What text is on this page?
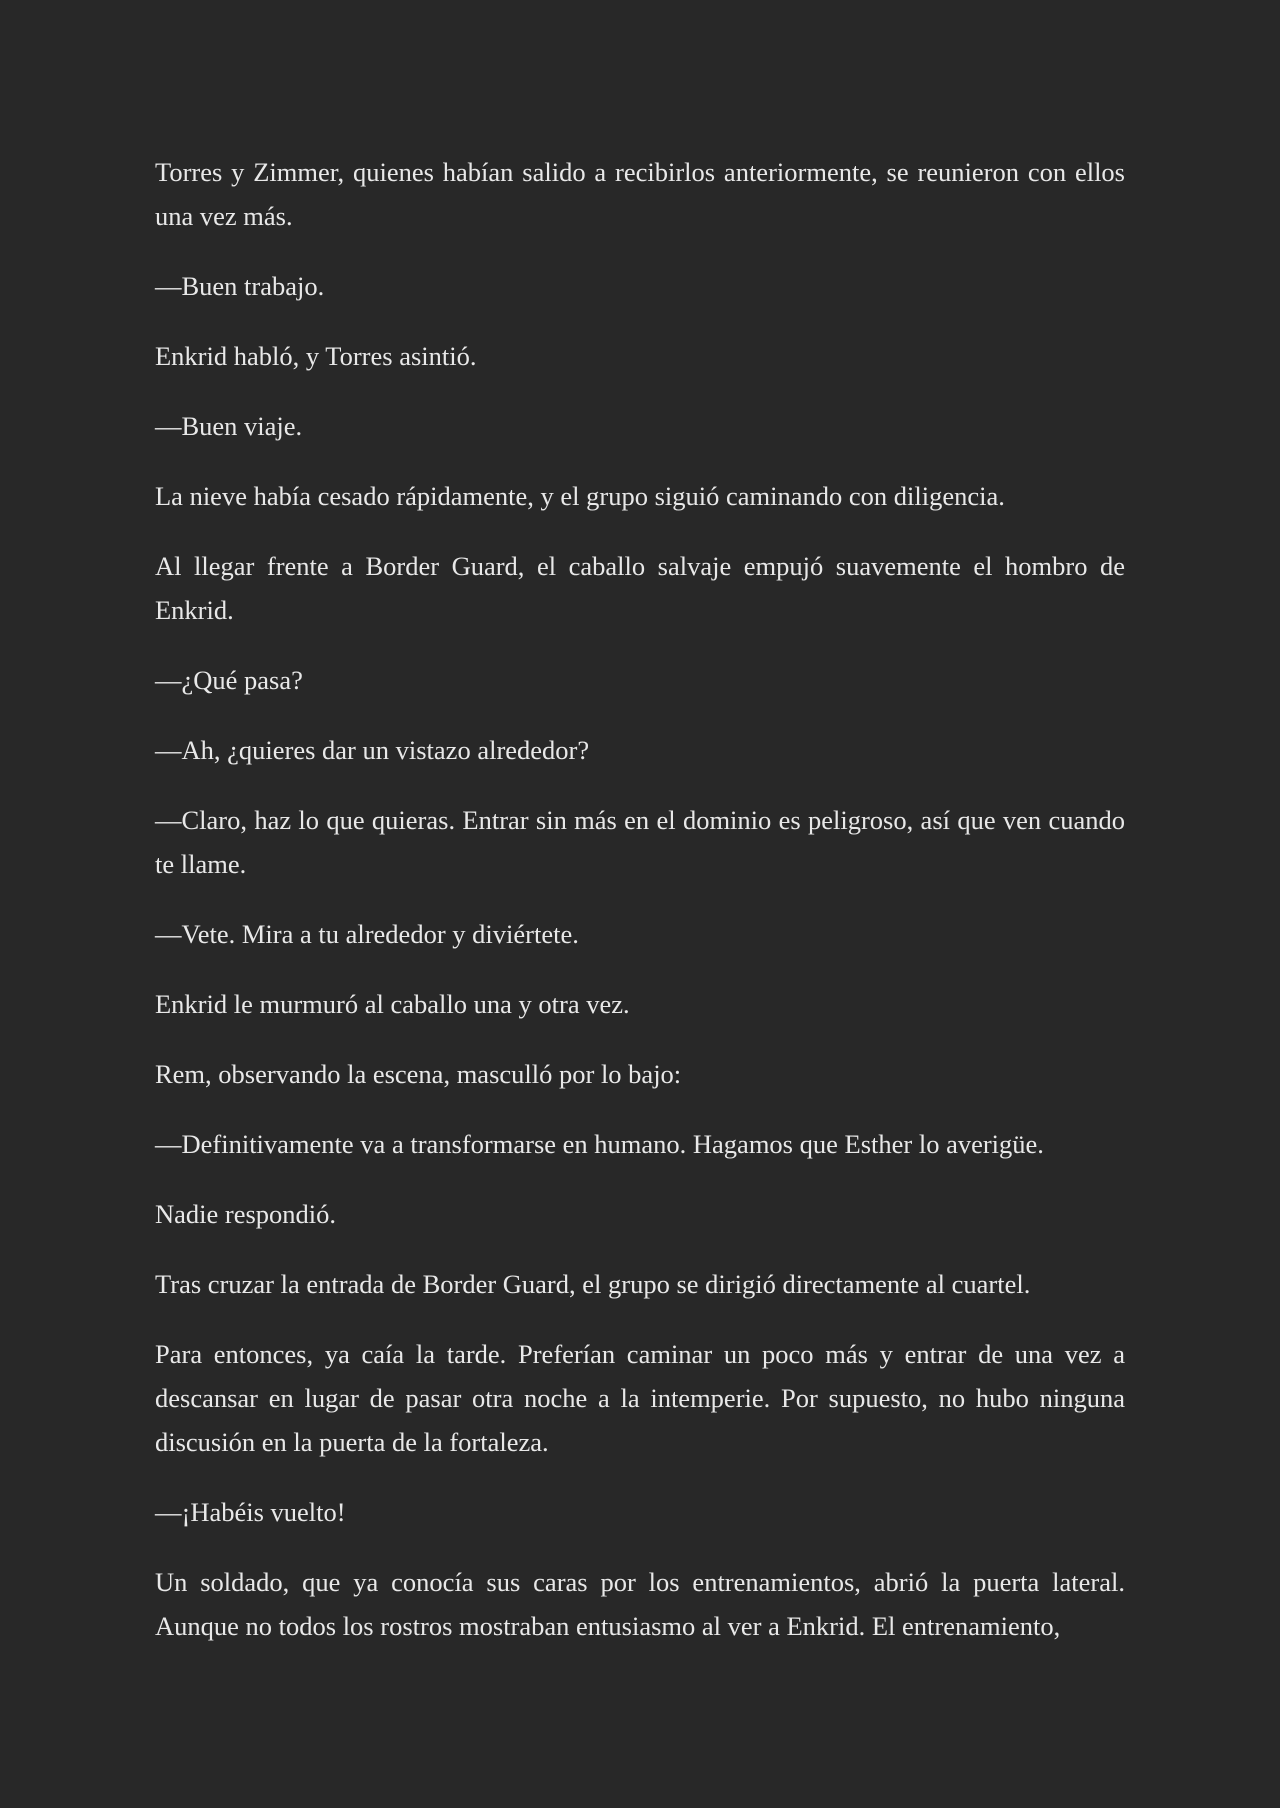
Torres y Zimmer, quienes habían salido a recibirlos anteriormente, se reunieron con ellos una vez más.

—Buen trabajo.

Enkrid habló, y Torres asintió.

—Buen viaje.

La nieve había cesado rápidamente, y el grupo siguió caminando con diligencia.

Al llegar frente a Border Guard, el caballo salvaje empujó suavemente el hombro de Enkrid.

—¿Qué pasa?

—Ah, ¿quieres dar un vistazo alrededor?

—Claro, haz lo que quieras. Entrar sin más en el dominio es peligroso, así que ven cuando te llame.

—Vete. Mira a tu alrededor y diviértete.

Enkrid le murmuró al caballo una y otra vez.

Rem, observando la escena, masculló por lo bajo:

—Definitivamente va a transformarse en humano. Hagamos que Esther lo averigüe.

Nadie respondió.

Tras cruzar la entrada de Border Guard, el grupo se dirigió directamente al cuartel.

Para entonces, ya caía la tarde. Preferían caminar un poco más y entrar de una vez a descansar en lugar de pasar otra noche a la intemperie. Por supuesto, no hubo ninguna discusión en la puerta de la fortaleza.

—¡Habéis vuelto!

Un soldado, que ya conocía sus caras por los entrenamientos, abrió la puerta lateral. Aunque no todos los rostros mostraban entusiasmo al ver a Enkrid. El entrenamiento,
